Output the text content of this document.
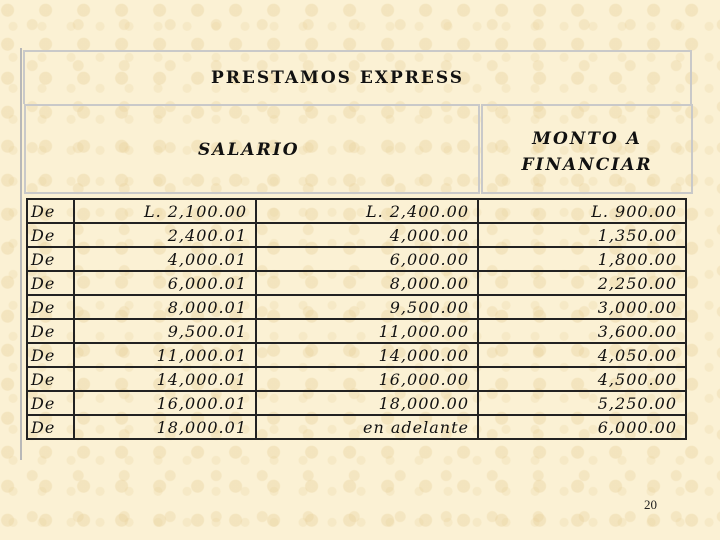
PRESTAMOS EXPRESS
SALARIO
MONTO A
FINANCIAR
De	L. 2,100.00	L. 2,400.00	L. 900.00
De	2,400.01	4,000.00	1,350.00
De	4,000.01	6,000.00	1,800.00
De	6,000.01	8,000.00	2,250.00
De	8,000.01	9,500.00	3,000.00
De	9,500.01	11,000.00	3,600.00
De	11,000.01	14,000.00	4,050.00
De	14,000.01	16,000.00	4,500.00
De	16,000.01	18,000.00	5,250.00
De	18,000.01	en adelante	6,000.00
20
